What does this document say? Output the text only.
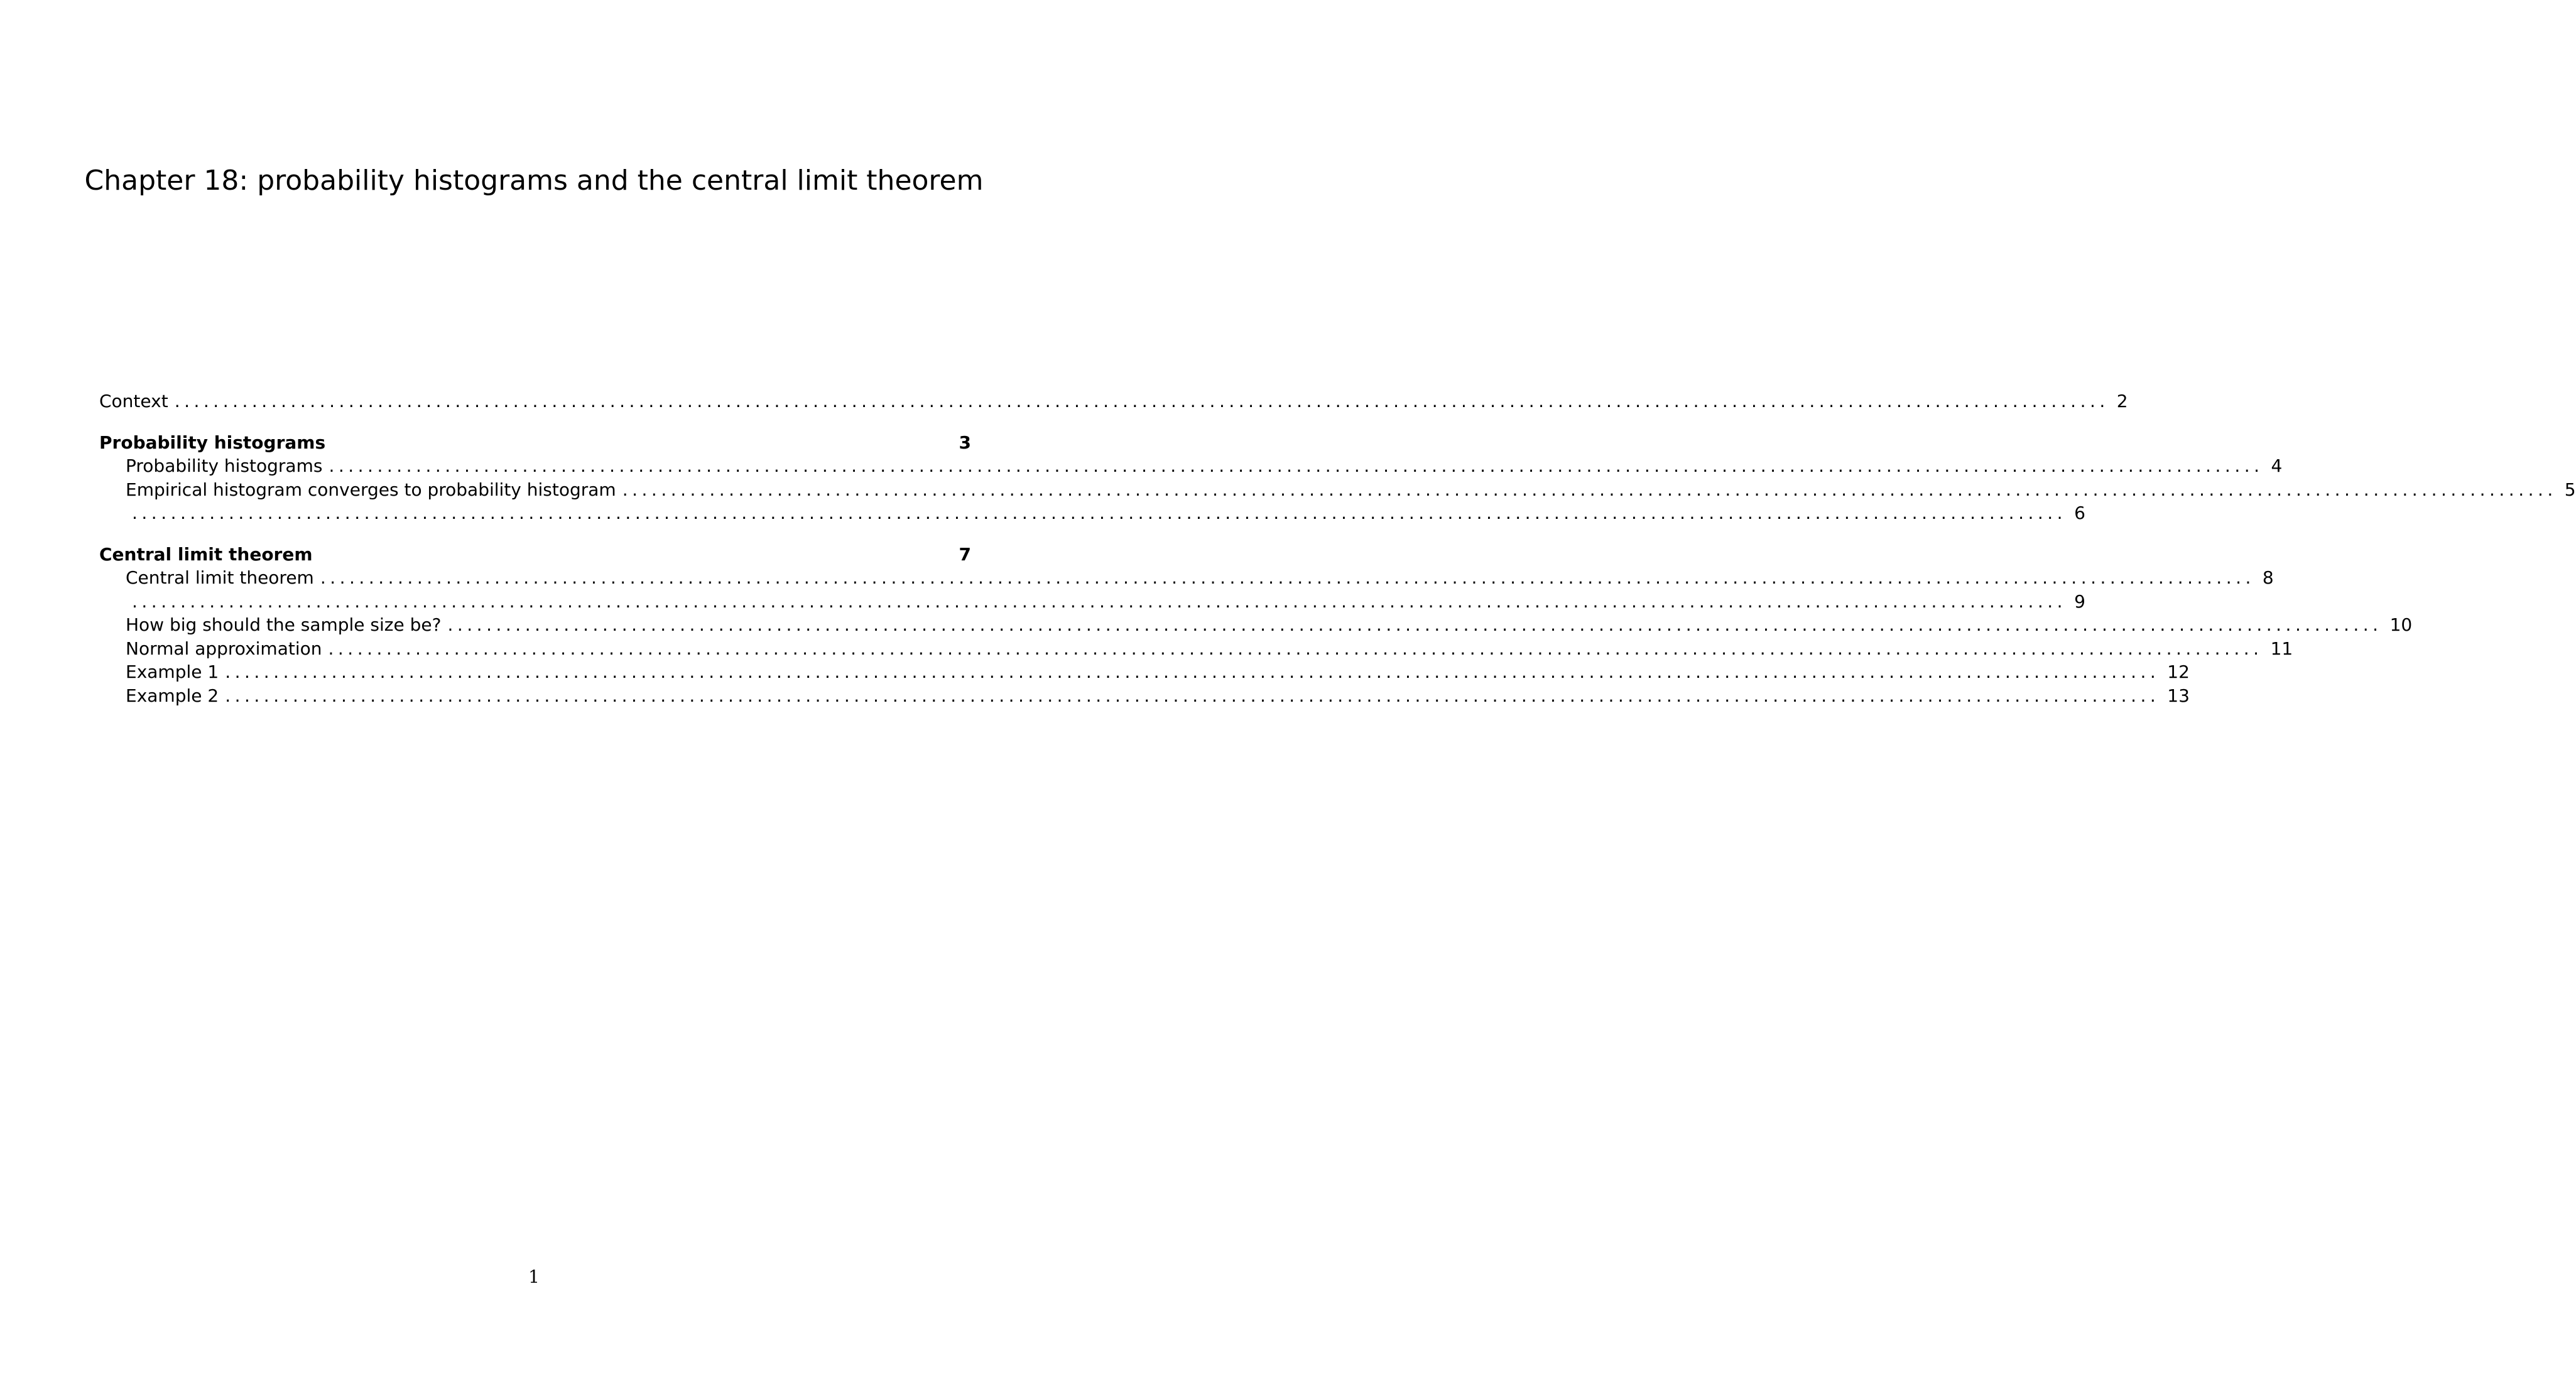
Chapter 18: probability histograms and the central limit theorem
Context ........................................................................................................................................................................................................ 2
Probability histograms	3
Probability histograms ........................................................................................................................................................................................................ 4
Empirical histogram converges to probability histogram ........................................................................................................................................................................................................ 5
........................................................................................................................................................................................................ 6
Central limit theorem	7
Central limit theorem ........................................................................................................................................................................................................ 8
........................................................................................................................................................................................................ 9
How big should the sample size be? ........................................................................................................................................................................................................ 10
Normal approximation ........................................................................................................................................................................................................ 11
Example 1 ........................................................................................................................................................................................................ 12
Example 2 ........................................................................................................................................................................................................ 13
1
